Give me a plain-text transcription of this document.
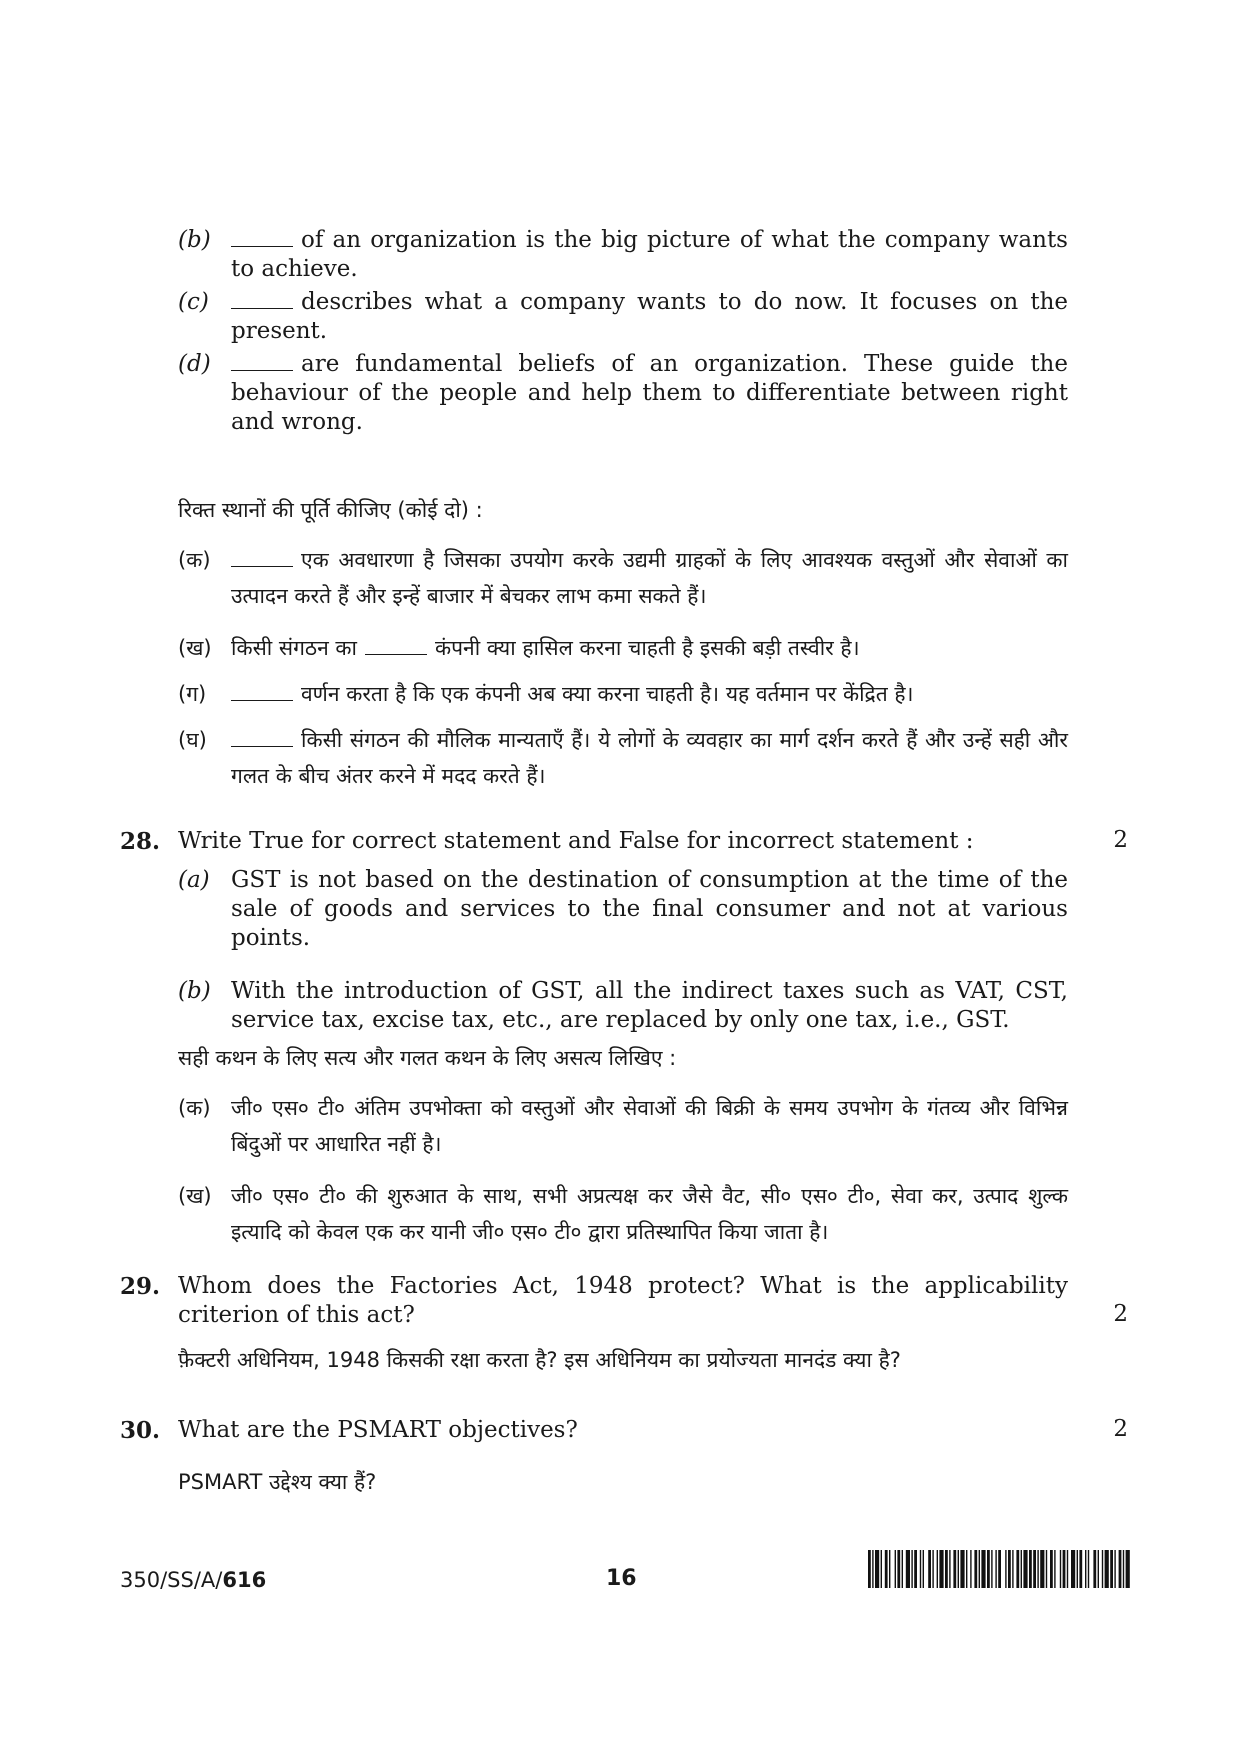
(b)	of an organization is the big picture of what the company wants to achieve.
(c)	describes what a company wants to do now. It focuses on the present.
(d)	are fundamental beliefs of an organization. These guide the behaviour of the people and help them to differentiate between right and wrong.
रिक्त स्थानों की पूर्ति कीजिए (कोई दो) :
(क)	एक अवधारणा है जिसका उपयोग करके उद्यमी ग्राहकों के लिए आवश्यक वस्तुओं और सेवाओं का उत्पादन करते हैं और इन्हें बाजार में बेचकर लाभ कमा सकते हैं।
(ख) किसी संगठन का	कंपनी क्या हासिल करना चाहती है इसकी बड़ी तस्वीर है।
(ग)	वर्णन करता है कि एक कंपनी अब क्या करना चाहती है। यह वर्तमान पर केंद्रित है।
(घ)	किसी संगठन की मौलिक मान्यताएँ हैं। ये लोगों के व्यवहार का मार्ग दर्शन करते हैं और उन्हें सही और गलत के बीच अंतर करने में मदद करते हैं।
28. Write True for correct statement and False for incorrect statement :	2
(a) GST is not based on the destination of consumption at the time of the sale of goods and services to the final consumer and not at various points.
(b) With the introduction of GST, all the indirect taxes such as VAT, CST, service tax, excise tax, etc., are replaced by only one tax, i.e., GST.
सही कथन के लिए सत्य और गलत कथन के लिए असत्य लिखिए :
(क) जी० एस० टी० अंतिम उपभोक्ता को वस्तुओं और सेवाओं की बिक्री के समय उपभोग के गंतव्य और विभिन्न बिंदुओं पर आधारित नहीं है।
(ख) जी० एस० टी० की शुरुआत के साथ, सभी अप्रत्यक्ष कर जैसे वैट, सी० एस० टी०, सेवा कर, उत्पाद शुल्क इत्यादि को केवल एक कर यानी जी० एस० टी० द्वारा प्रतिस्थापित किया जाता है।
29. Whom does the Factories Act, 1948 protect? What is the applicability criterion of this act?	2
फ़ैक्टरी अधिनियम, 1948 किसकी रक्षा करता है? इस अधिनियम का प्रयोज्यता मानदंड क्या है?
30. What are the PSMART objectives?	2
PSMART उद्देश्य क्या हैं?
350/SS/A/616	16
